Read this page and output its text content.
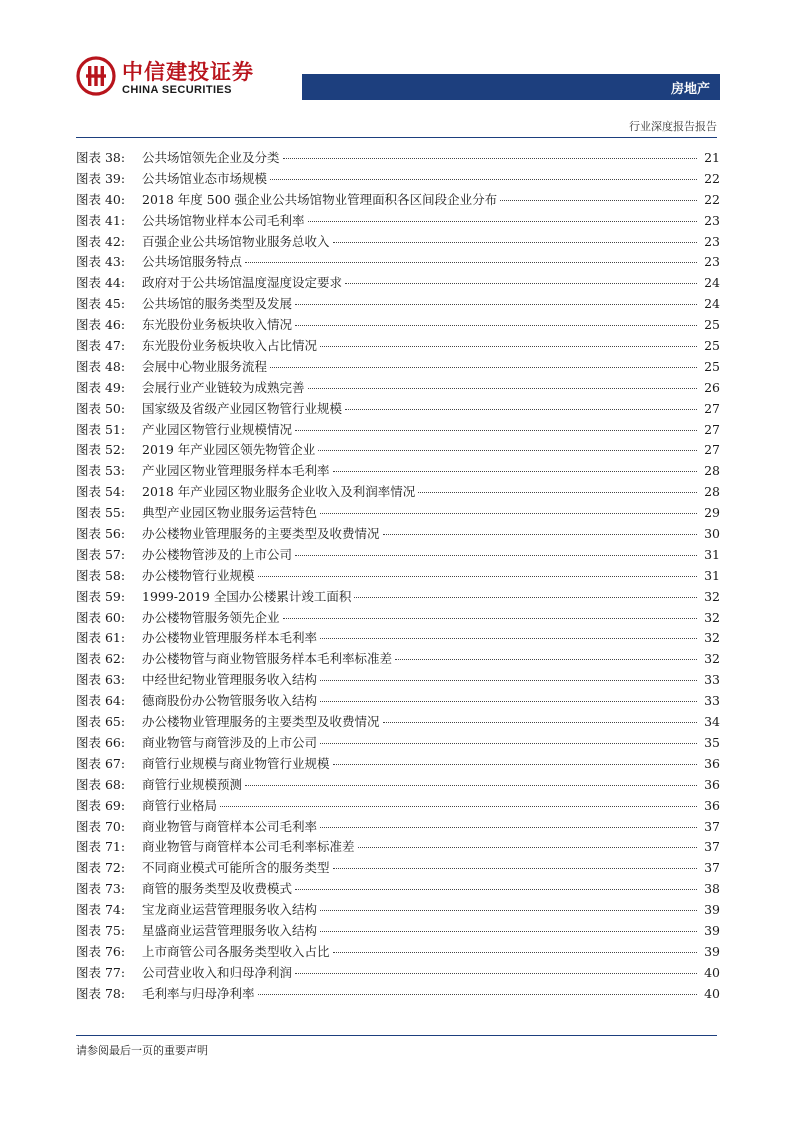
中信建投证券
CHINA SECURITIES	房地产
行业深度报告报告
图表 38:	公共场馆领先企业及分类	21
图表 39:	公共场馆业态市场规模	22
图表 40:	2018 年度 500 强企业公共场馆物业管理面积各区间段企业分布	22
图表 41:	公共场馆物业样本公司毛利率	23
图表 42:	百强企业公共场馆物业服务总收入	23
图表 43:	公共场馆服务特点	23
图表 44:	政府对于公共场馆温度湿度设定要求	24
图表 45:	公共场馆的服务类型及发展	24
图表 46:	东光股份业务板块收入情况	25
图表 47:	东光股份业务板块收入占比情况	25
图表 48:	会展中心物业服务流程	25
图表 49:	会展行业产业链较为成熟完善	26
图表 50:	国家级及省级产业园区物管行业规模	27
图表 51:	产业园区物管行业规模情况	27
图表 52:	2019 年产业园区领先物管企业	27
图表 53:	产业园区物业管理服务样本毛利率	28
图表 54:	2018 年产业园区物业服务企业收入及利润率情况	28
图表 55:	典型产业园区物业服务运营特色	29
图表 56:	办公楼物业管理服务的主要类型及收费情况	30
图表 57:	办公楼物管涉及的上市公司	31
图表 58:	办公楼物管行业规模	31
图表 59:	1999-2019 全国办公楼累计竣工面积	32
图表 60:	办公楼物管服务领先企业	32
图表 61:	办公楼物业管理服务样本毛利率	32
图表 62:	办公楼物管与商业物管服务样本毛利率标准差	32
图表 63:	中经世纪物业管理服务收入结构	33
图表 64:	德商股份办公物管服务收入结构	33
图表 65:	办公楼物业管理服务的主要类型及收费情况	34
图表 66:	商业物管与商管涉及的上市公司	35
图表 67:	商管行业规模与商业物管行业规模	36
图表 68:	商管行业规模预测	36
图表 69:	商管行业格局	36
图表 70:	商业物管与商管样本公司毛利率	37
图表 71:	商业物管与商管样本公司毛利率标准差	37
图表 72:	不同商业模式可能所含的服务类型	37
图表 73:	商管的服务类型及收费模式	38
图表 74:	宝龙商业运营管理服务收入结构	39
图表 75:	星盛商业运营管理服务收入结构	39
图表 76:	上市商管公司各服务类型收入占比	39
图表 77:	公司营业收入和归母净利润	40
图表 78:	毛利率与归母净利率	40
请参阅最后一页的重要声明
